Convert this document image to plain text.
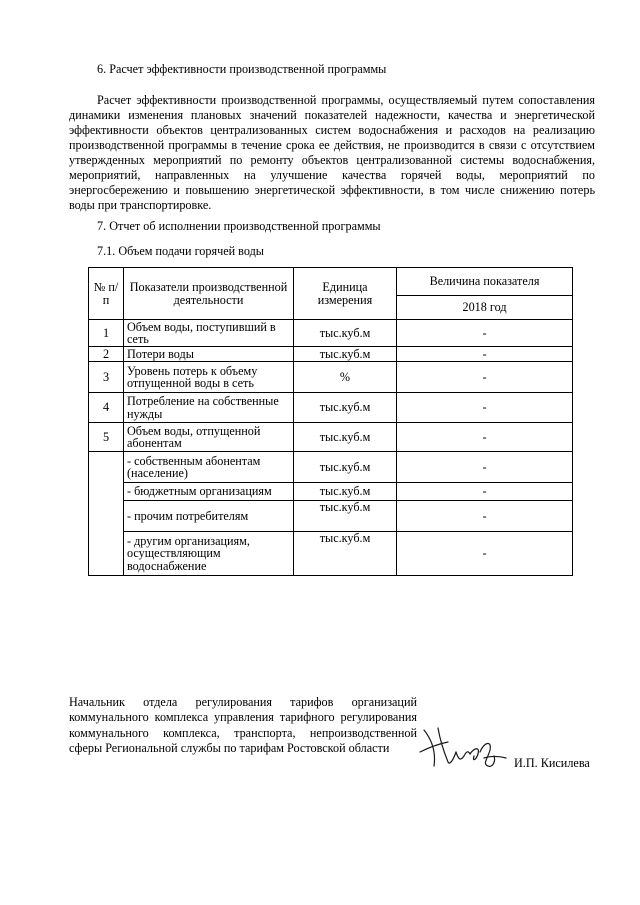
6. Расчет эффективности производственной программы
Расчет эффективности производственной программы, осуществляемый путем сопоставления динамики изменения плановых значений показателей надежности, качества и энергетической эффективности объектов централизованных систем водоснабжения и расходов на реализацию производственной программы в течение срока ее действия, не производится в связи с отсутствием утвержденных мероприятий по ремонту объектов централизованной системы водоснабжения, мероприятий, направленных на улучшение качества горячей воды, мероприятий по энергосбережению и повышению энергетической эффективности, в том числе снижению потерь воды при транспортировке.
7. Отчет об исполнении производственной программы
7.1. Объем подачи горячей воды
№ п/п	Показатели производственной деятельности	Единица измерения	Величина показателя
			2018 год
1	Объем воды, поступивший в сеть	тыс.куб.м	-
2	Потери воды	тыс.куб.м	-
3	Уровень потерь к объему отпущенной воды в сеть	%	-
4	Потребление на собственные нужды	тыс.куб.м	-
5	Объем воды, отпущенной абонентам	тыс.куб.м	-
	- собственным абонентам (население)	тыс.куб.м	-
	- бюджетным организациям	тыс.куб.м	-
	- прочим потребителям	тыс.куб.м	-
	- другим организациям, осуществляющим водоснабжение	тыс.куб.м	-
Начальник отдела регулирования тарифов организаций коммунального комплекса управления тарифного регулирования коммунального комплекса, транспорта, непроизводственной сферы Региональной службы по тарифам Ростовской области
И.П. Кисилева
